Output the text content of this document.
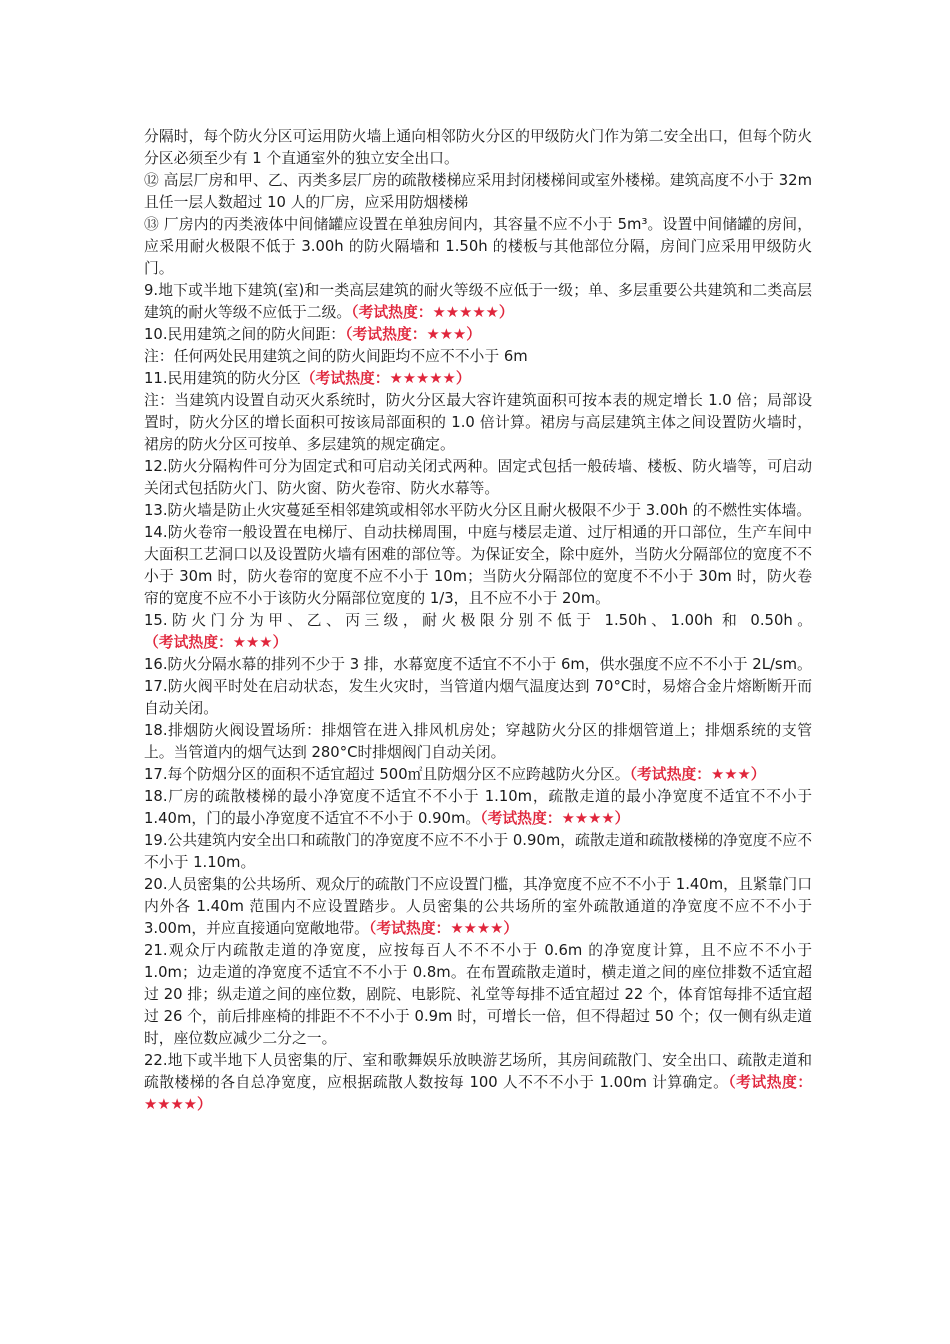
分隔时，每个防火分区可运用防火墙上通向相邻防火分区的甲级防火门作为第二安全出口，但每个防火分区必须至少有 1 个直通室外的独立安全出口。

⑫ 高层厂房和甲、乙、丙类多层厂房的疏散楼梯应采用封闭楼梯间或室外楼梯。建筑高度不小于 32m 且任一层人数超过 10 人的厂房，应采用防烟楼梯

⑬ 厂房内的丙类液体中间储罐应设置在单独房间内，其容量不应不小于 5m³。设置中间储罐的房间，应采用耐火极限不低于 3.00h 的防火隔墙和 1.50h 的楼板与其他部位分隔，房间门应采用甲级防火门。

9.地下或半地下建筑(室)和一类高层建筑的耐火等级不应低于一级；单、多层重要公共建筑和二类高层建筑的耐火等级不应低于二级。（考试热度：★★★★★）

10.民用建筑之间的防火间距：（考试热度：★★★）

注：任何两处民用建筑之间的防火间距均不应不不小于 6m

11.民用建筑的防火分区（考试热度：★★★★★）

注：当建筑内设置自动灭火系统时，防火分区最大容许建筑面积可按本表的规定增长 1.0 倍；局部设置时，防火分区的增长面积可按该局部面积的 1.0 倍计算。裙房与高层建筑主体之间设置防火墙时，裙房的防火分区可按单、多层建筑的规定确定。

12.防火分隔构件可分为固定式和可启动关闭式两种。固定式包括一般砖墙、楼板、防火墙等，可启动关闭式包括防火门、防火窗、防火卷帘、防火水幕等。

13.防火墙是防止火灾蔓延至相邻建筑或相邻水平防火分区且耐火极限不少于 3.00h 的不燃性实体墙。

14.防火卷帘一般设置在电梯厅、自动扶梯周围，中庭与楼层走道、过厅相通的开口部位，生产车间中大面积工艺洞口以及设置防火墙有困难的部位等。为保证安全，除中庭外，当防火分隔部位的宽度不不小于 30m 时，防火卷帘的宽度不应不小于 10m；当防火分隔部位的宽度不不小于 30m 时，防火卷帘的宽度不应不小于该防火分隔部位宽度的 1/3，且不应不小于 20m。

15.防火门分为甲、乙、丙三级，耐火极限分别不低于 1.50h、1.00h 和 0.50h。（考试热度：★★★）

16.防火分隔水幕的排列不少于 3 排，水幕宽度不适宜不不小于 6m，供水强度不应不不小于 2L/sm。

17.防火阀平时处在启动状态，发生火灾时，当管道内烟气温度达到 70°C时，易熔合金片熔断断开而自动关闭。

18.排烟防火阀设置场所：排烟管在进入排风机房处；穿越防火分区的排烟管道上；排烟系统的支管上。当管道内的烟气达到 280°C时排烟阀门自动关闭。

17.每个防烟分区的面积不适宜超过 500㎡且防烟分区不应跨越防火分区。（考试热度：★★★）

18.厂房的疏散楼梯的最小净宽度不适宜不不小于 1.10m，疏散走道的最小净宽度不适宜不不小于 1.40m，门的最小净宽度不适宜不不小于 0.90m。（考试热度：★★★★）

19.公共建筑内安全出口和疏散门的净宽度不应不不小于 0.90m，疏散走道和疏散楼梯的净宽度不应不不小于 1.10m。

20.人员密集的公共场所、观众厅的疏散门不应设置门槛，其净宽度不应不不小于 1.40m，且紧靠门口内外各 1.40m 范围内不应设置踏步。人员密集的公共场所的室外疏散通道的净宽度不应不不小于 3.00m，并应直接通向宽敞地带。（考试热度：★★★★）

21.观众厅内疏散走道的净宽度，应按每百人不不不小于 0.6m 的净宽度计算，且不应不不小于 1.0m；边走道的净宽度不适宜不不小于 0.8m。在布置疏散走道时，横走道之间的座位排数不适宜超过 20 排；纵走道之间的座位数，剧院、电影院、礼堂等每排不适宜超过 22 个，体育馆每排不适宜超过 26 个，前后排座椅的排距不不不小于 0.9m 时，可增长一倍，但不得超过 50 个；仅一侧有纵走道时，座位数应减少二分之一。

22.地下或半地下人员密集的厅、室和歌舞娱乐放映游艺场所，其房间疏散门、安全出口、疏散走道和疏散楼梯的各自总净宽度，应根据疏散人数按每 100 人不不不小于 1.00m 计算确定。（考试热度：★★★★）
